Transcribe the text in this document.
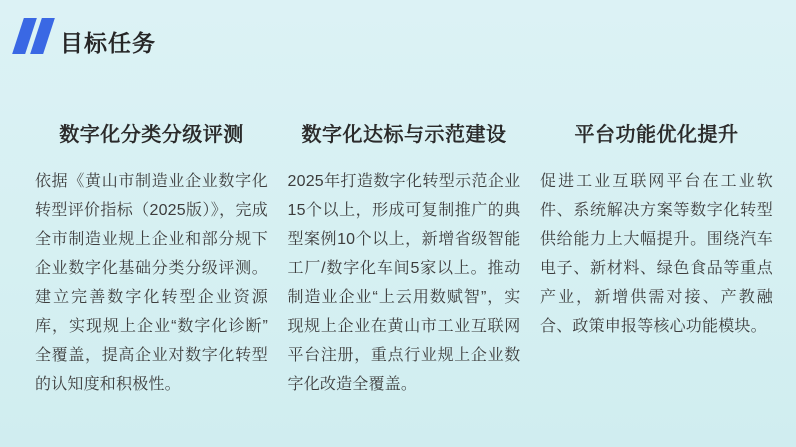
目标任务
数字化分类分级评测
依据《黄山市制造业企业数字化转型评价指标（2025版）》，完成全市制造业规上企业和部分规下企业数字化基础分类分级评测。建立完善数字化转型企业资源库，实现规上企业“数字化诊断”全覆盖，提高企业对数字化转型的认知度和积极性。
数字化达标与示范建设
2025年打造数字化转型示范企业15个以上，形成可复制推广的典型案例10个以上，新增省级智能工厂/数字化车间5家以上。推动制造业企业“上云用数赋智”，实现规上企业在黄山市工业互联网平台注册，重点行业规上企业数字化改造全覆盖。
平台功能优化提升
促进工业互联网平台在工业软件、系统解决方案等数字化转型供给能力上大幅提升。围绕汽车电子、新材料、绿色食品等重点产业，新增供需对接、产教融合、政策申报等核心功能模块。
